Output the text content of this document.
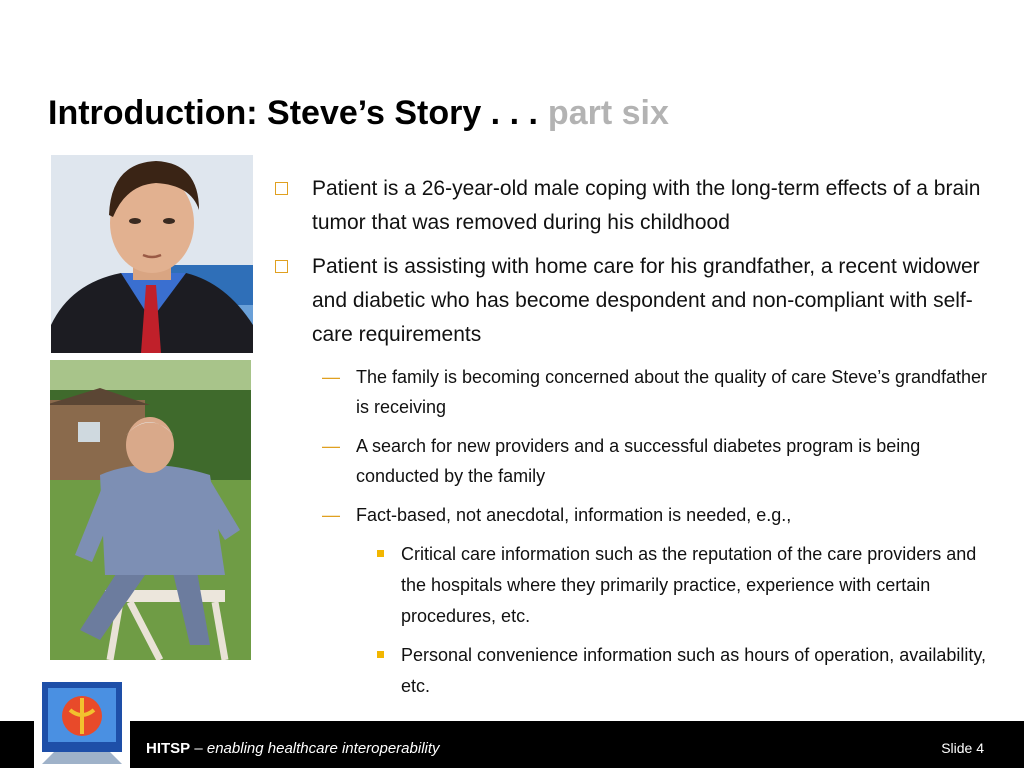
Introduction: Steve’s Story . . . part six
Patient is a 26-year-old male coping with the long-term effects of a brain tumor that was removed during his childhood
Patient is assisting with home care for his grandfather, a recent widower and diabetic who has become despondent and non-compliant with self-care requirements
— The family is becoming concerned about the quality of care Steve’s grandfather is receiving
— A search for new providers and a successful diabetes program is being conducted by the family
— Fact-based, not anecdotal, information is needed, e.g.,
Critical care information such as the reputation of the care providers and the hospitals where they primarily practice, experience with certain procedures, etc.
Personal convenience information such as hours of operation, availability, etc.
HITSP – enabling healthcare interoperability	Slide 4
